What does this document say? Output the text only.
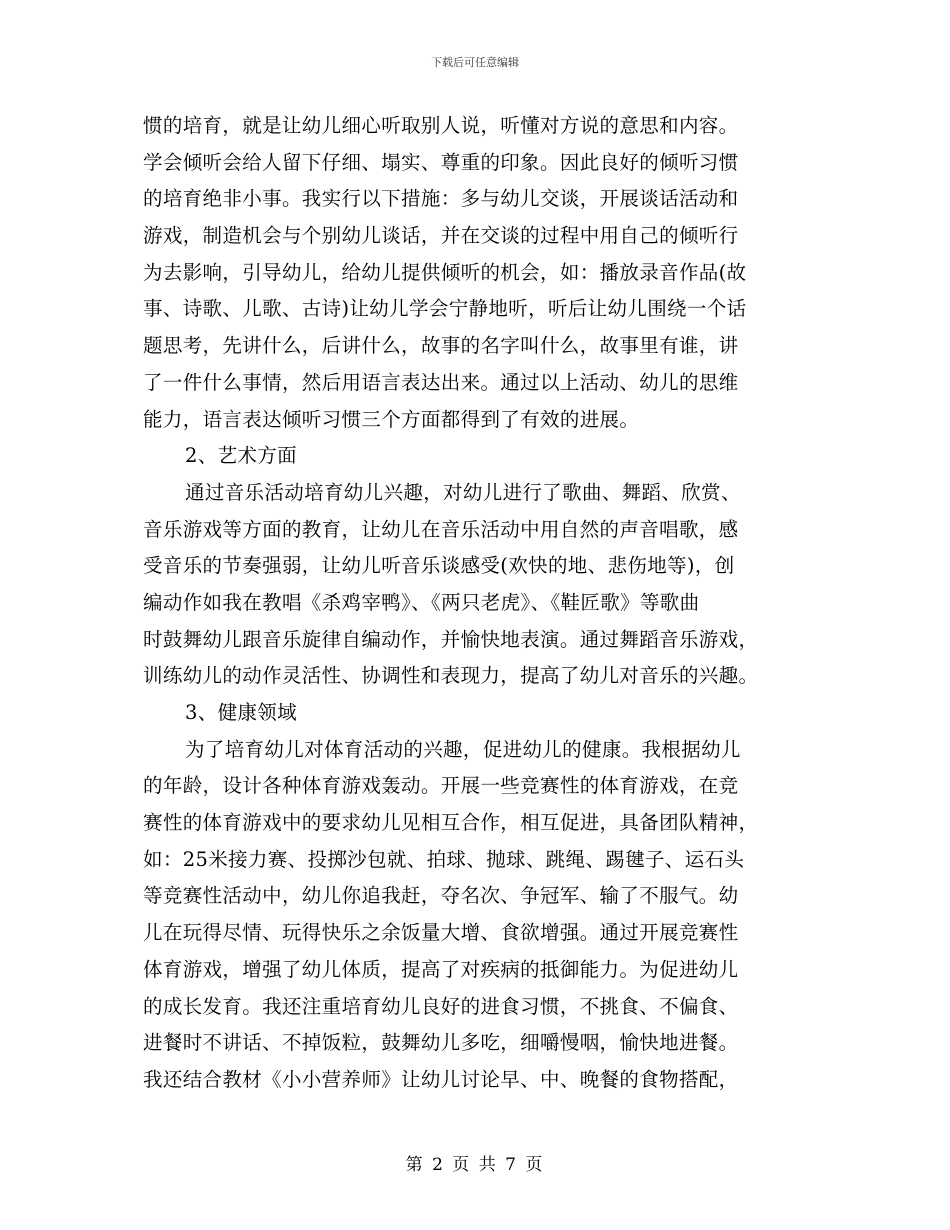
下载后可任意编辑
惯的培育，就是让幼儿细心听取别人说，听懂对方说的意思和内容。
学会倾听会给人留下仔细、塌实、尊重的印象。因此良好的倾听习惯
的培育绝非小事。我实行以下措施：多与幼儿交谈，开展谈话活动和
游戏，制造机会与个别幼儿谈话，并在交谈的过程中用自己的倾听行
为去影响，引导幼儿，给幼儿提供倾听的机会，如：播放录音作品(故
事、诗歌、儿歌、古诗)让幼儿学会宁静地听，听后让幼儿围绕一个话
题思考，先讲什么，后讲什么，故事的名字叫什么，故事里有谁，讲
了一件什么事情，然后用语言表达出来。通过以上活动、幼儿的思维
能力，语言表达倾听习惯三个方面都得到了有效的进展。
2、艺术方面
通过音乐活动培育幼儿兴趣，对幼儿进行了歌曲、舞蹈、欣赏、
音乐游戏等方面的教育，让幼儿在音乐活动中用自然的声音唱歌，感
受音乐的节奏强弱，让幼儿听音乐谈感受(欢快的地、悲伤地等)，创
编动作如我在教唱《杀鸡宰鸭》、《两只老虎》、《鞋匠歌》等歌曲
时鼓舞幼儿跟音乐旋律自编动作，并愉快地表演。通过舞蹈音乐游戏，
训练幼儿的动作灵活性、协调性和表现力，提高了幼儿对音乐的兴趣。
3、健康领域
为了培育幼儿对体育活动的兴趣，促进幼儿的健康。我根据幼儿
的年龄，设计各种体育游戏轰动。开展一些竞赛性的体育游戏，在竞
赛性的体育游戏中的要求幼儿见相互合作，相互促进，具备团队精神，
如：25米接力赛、投掷沙包就、拍球、抛球、跳绳、踢毽子、运石头
等竞赛性活动中，幼儿你追我赶，夺名次、争冠军、输了不服气。幼
儿在玩得尽情、玩得快乐之余饭量大增、食欲增强。通过开展竞赛性
体育游戏，增强了幼儿体质，提高了对疾病的抵御能力。为促进幼儿
的成长发育。我还注重培育幼儿良好的进食习惯，不挑食、不偏食、
进餐时不讲话、不掉饭粒，鼓舞幼儿多吃，细嚼慢咽，愉快地进餐。
我还结合教材《小小营养师》让幼儿讨论早、中、晚餐的食物搭配，
第 2 页 共 7 页
